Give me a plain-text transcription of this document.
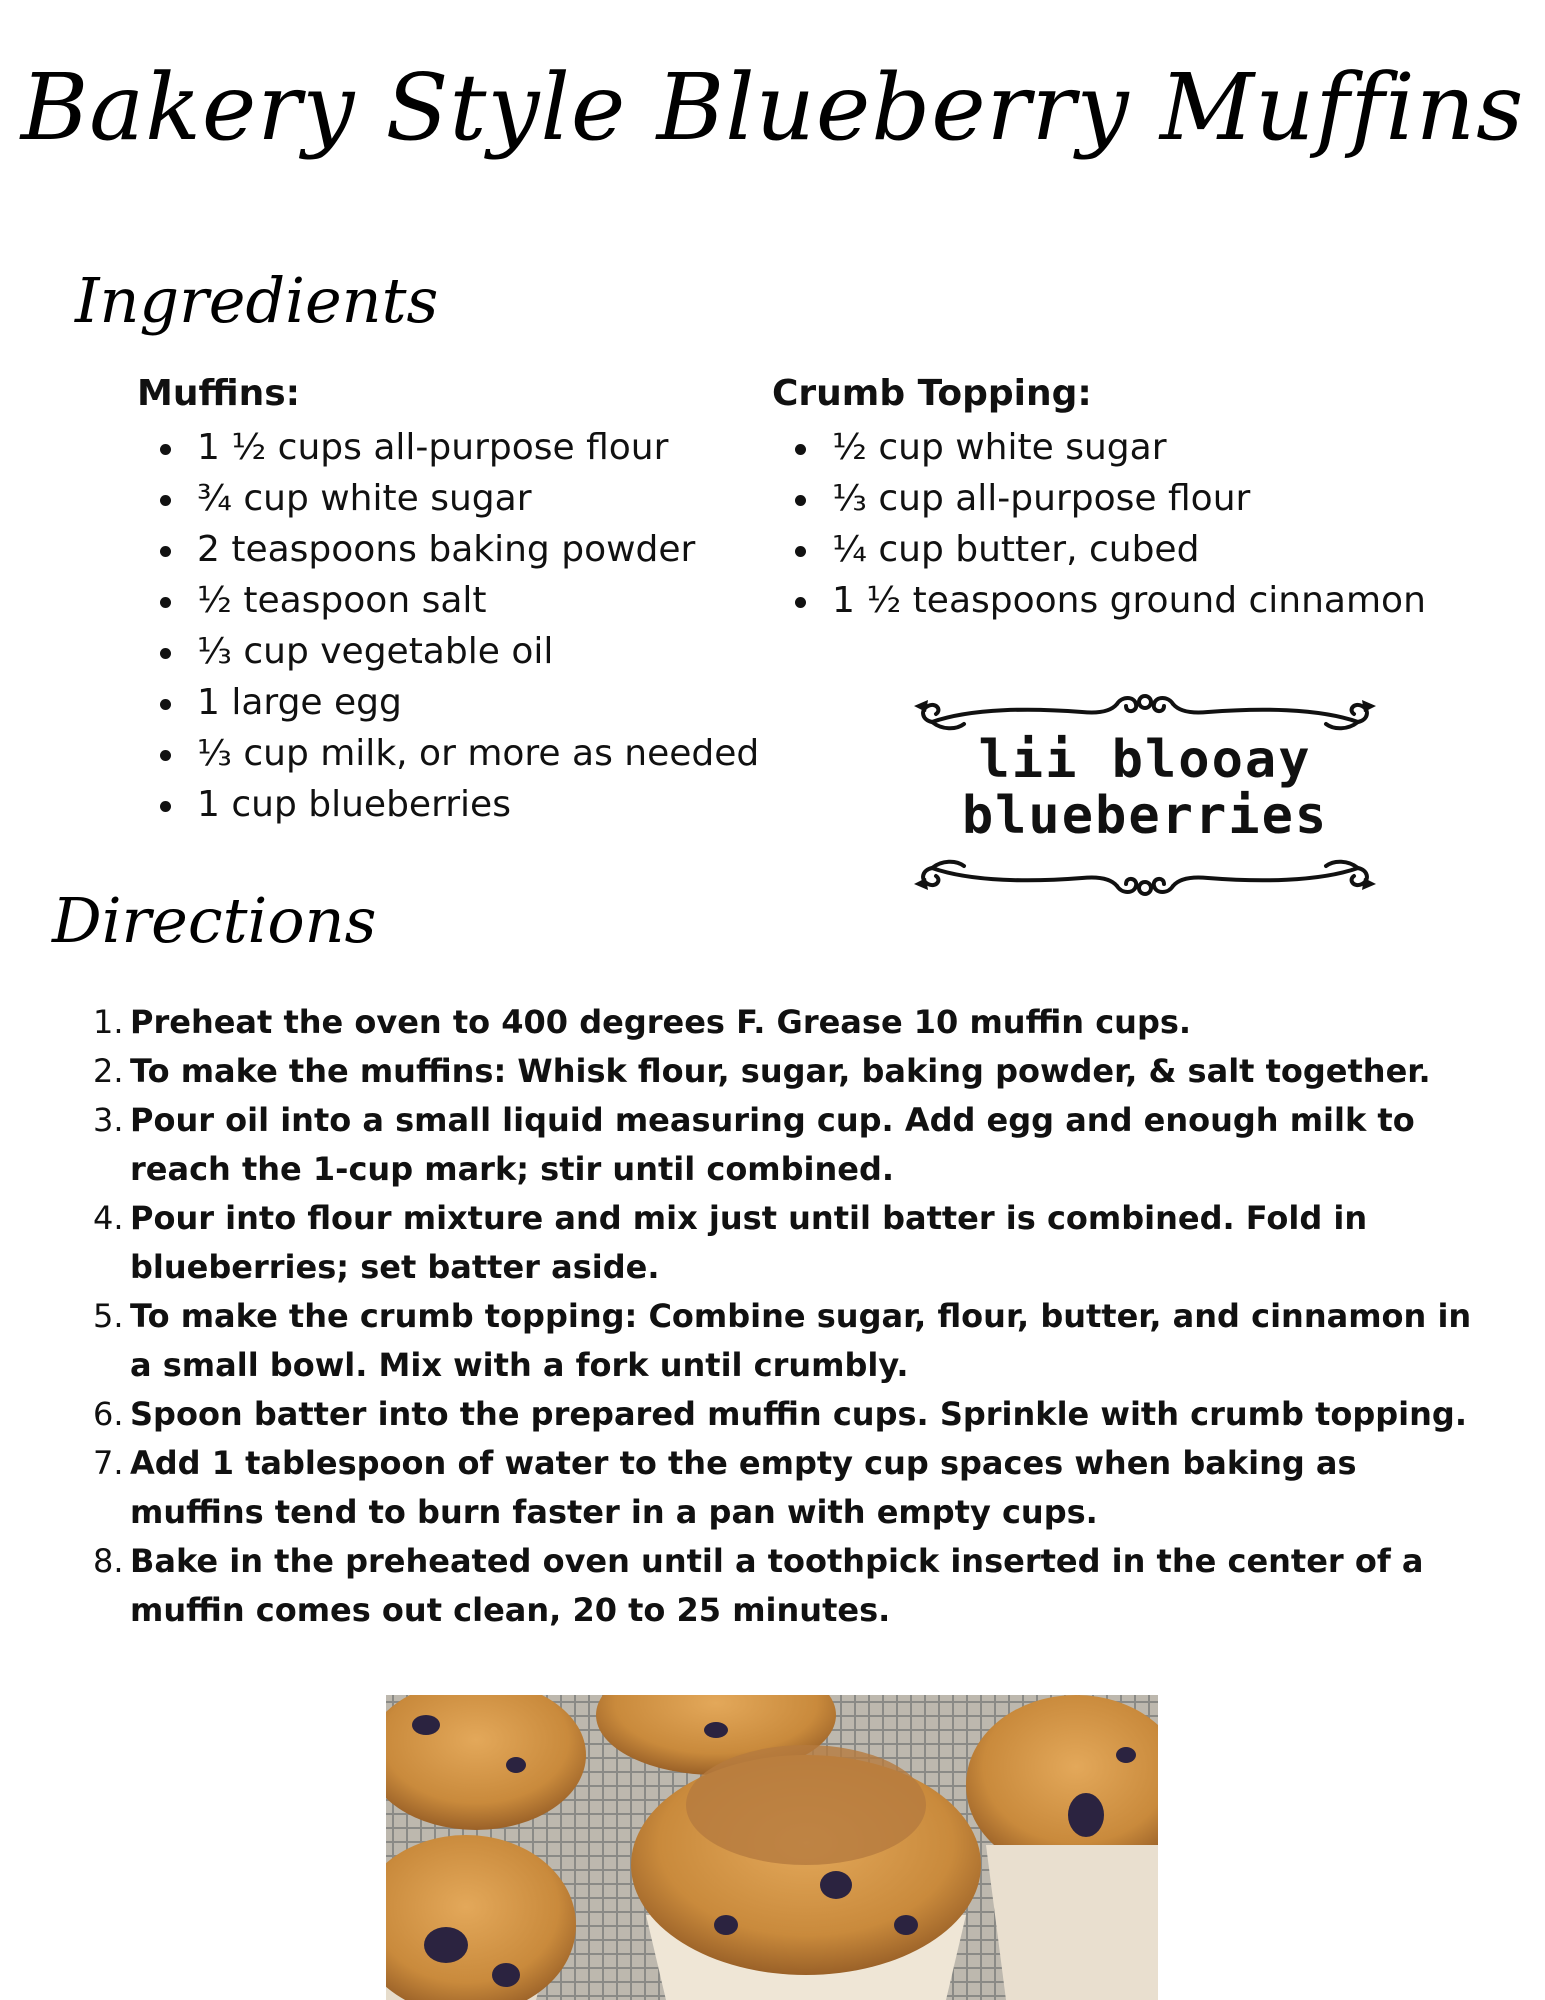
Bakery Style Blueberry Muffins
Ingredients
Muffins:
1 ½ cups all-purpose flour
¾ cup white sugar
2 teaspoons baking powder
½ teaspoon salt
⅓ cup vegetable oil
1 large egg
⅓ cup milk, or more as needed
1 cup blueberries
Crumb Topping:
½ cup white sugar
⅓ cup all-purpose flour
¼ cup butter, cubed
1 ½ teaspoons ground cinnamon
lii blooay
blueberries
Directions
1. Preheat the oven to 400 degrees F. Grease 10 muffin cups.
2. To make the muffins: Whisk flour, sugar, baking powder, & salt together.
3. Pour oil into a small liquid measuring cup. Add egg and enough milk to reach the 1-cup mark; stir until combined.
4. Pour into flour mixture and mix just until batter is combined. Fold in blueberries; set batter aside.
5. To make the crumb topping: Combine sugar, flour, butter, and cinnamon in a small bowl. Mix with a fork until crumbly.
6. Spoon batter into the prepared muffin cups. Sprinkle with crumb topping.
7. Add 1 tablespoon of water to the empty cup spaces when baking as muffins tend to burn faster in a pan with empty cups.
8. Bake in the preheated oven until a toothpick inserted in the center of a muffin comes out clean, 20 to 25 minutes.
